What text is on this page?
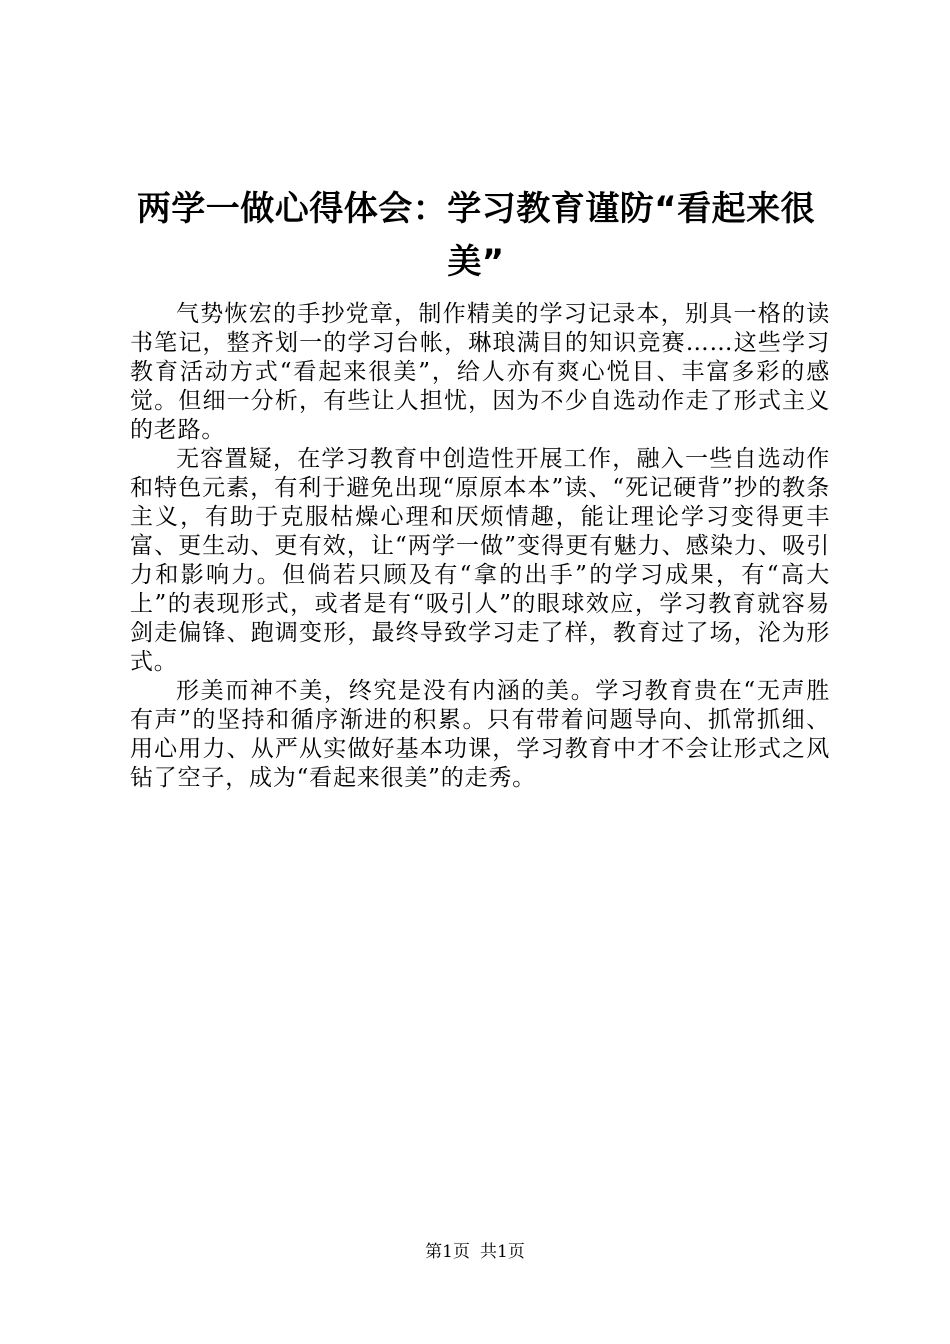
两学一做心得体会：学习教育谨防“看起来很美”

气势恢宏的手抄党章，制作精美的学习记录本，别具一格的读书笔记，整齐划一的学习台帐，琳琅满目的知识竞赛……这些学习教育活动方式“看起来很美”，给人亦有爽心悦目、丰富多彩的感觉。但细一分析，有些让人担忧，因为不少自选动作走了形式主义的老路。

无容置疑，在学习教育中创造性开展工作，融入一些自选动作和特色元素，有利于避免出现“原原本本”读、“死记硬背”抄的教条主义，有助于克服枯燥心理和厌烦情趣，能让理论学习变得更丰富、更生动、更有效，让“两学一做”变得更有魅力、感染力、吸引力和影响力。但倘若只顾及有“拿的出手”的学习成果，有“高大上”的表现形式，或者是有“吸引人”的眼球效应，学习教育就容易剑走偏锋、跑调变形，最终导致学习走了样，教育过了场，沦为形式。

形美而神不美，终究是没有内涵的美。学习教育贵在“无声胜有声”的坚持和循序渐进的积累。只有带着问题导向、抓常抓细、用心用力、从严从实做好基本功课，学习教育中才不会让形式之风钻了空子，成为“看起来很美”的走秀。

第1页 共1页
